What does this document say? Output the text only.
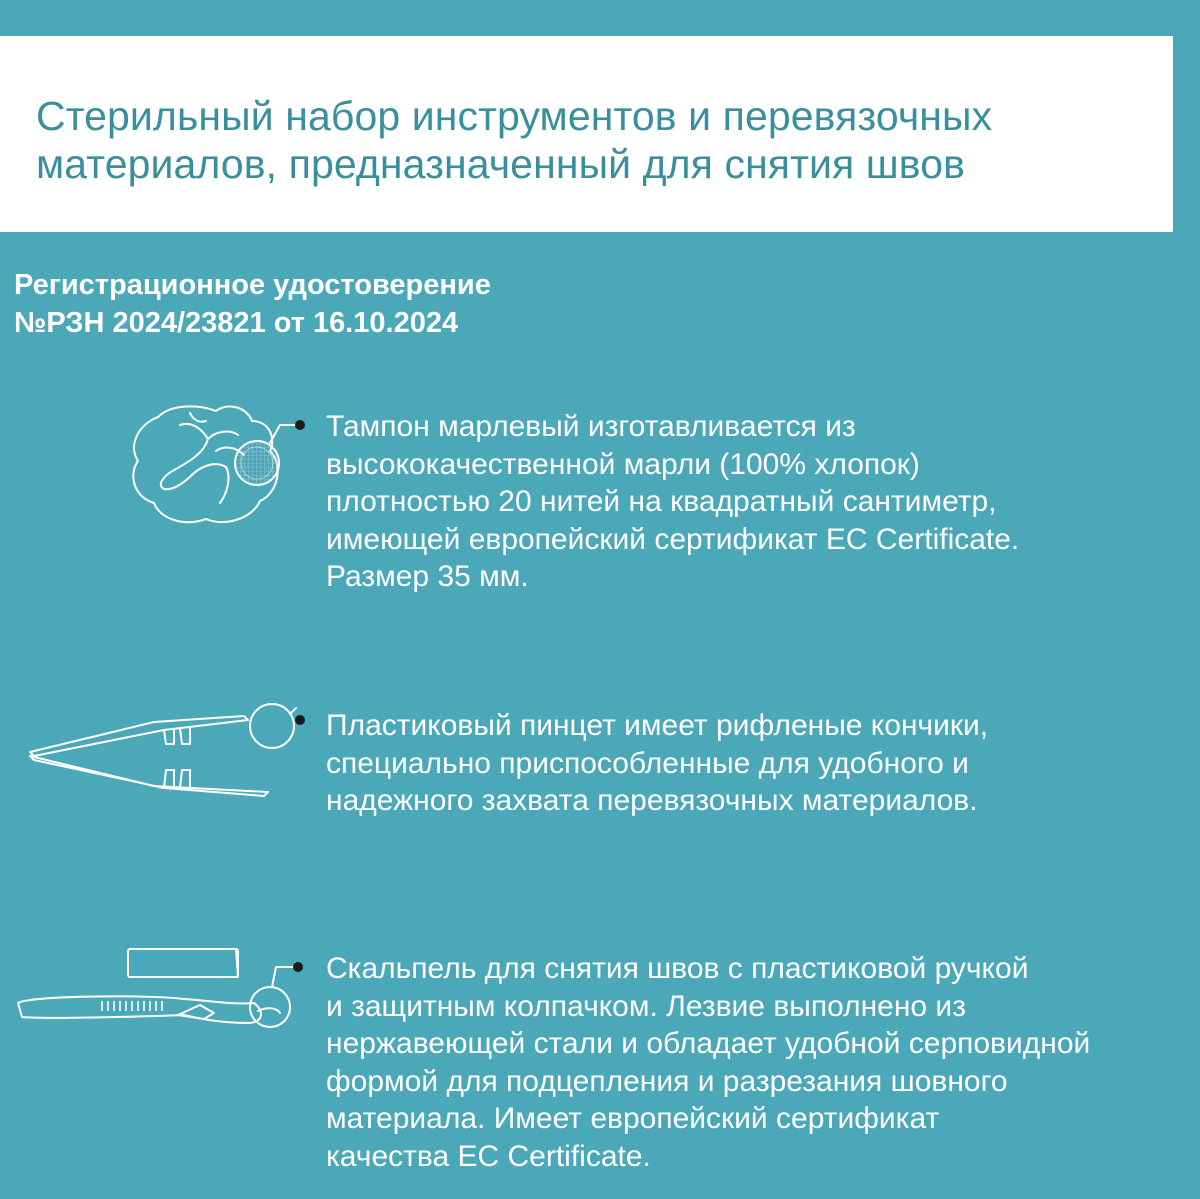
Стерильный набор инструментов и перевязочных
материалов, предназначенный для снятия швов
Регистрационное удостоверение
№РЗН 2024/23821 от 16.10.2024
Тампон марлевый изготавливается из
высококачественной марли (100% хлопок)
плотностью 20 нитей на квадратный сантиметр,
имеющей европейский сертификат EC Certificate.
Размер 35 мм.
Пластиковый пинцет имеет рифленые кончики,
специально приспособленные для удобного и
надежного захвата перевязочных материалов.
Скальпель для снятия швов с пластиковой ручкой
и защитным колпачком. Лезвие выполнено из
нержавеющей стали и обладает удобной серповидной
формой для подцепления и разрезания шовного
материала. Имеет европейский сертификат
качества EC Certificate.
